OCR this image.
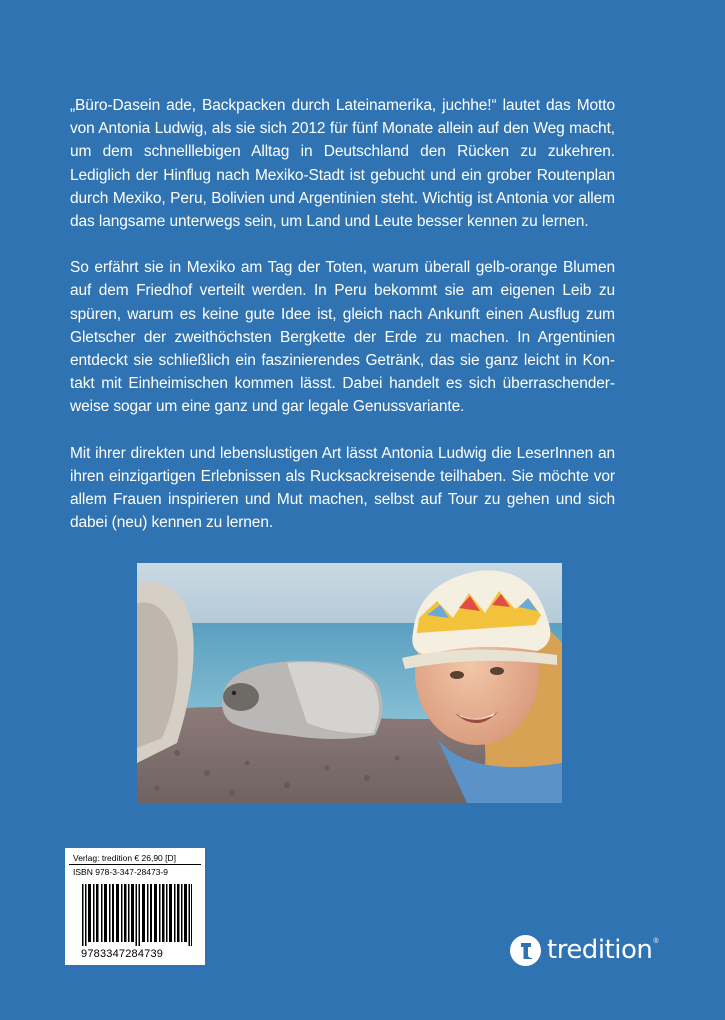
„Büro-Dasein ade, Backpacken durch Lateinamerika, juchhe!“ lautet das Motto von Antonia Ludwig, als sie sich 2012 für fünf Monate allein auf den Weg macht, um dem schnelllebigen Alltag in Deutschland den Rücken zu zukehren. Lediglich der Hinflug nach Mexiko-Stadt ist gebucht und ein grober Routenplan durch Mexiko, Peru, Bolivien und Argentinien steht. Wichtig ist Antonia vor allem das langsame unterwegs sein, um Land und Leute besser kennen zu lernen.

So erfährt sie in Mexiko am Tag der Toten, warum überall gelb-orange Blumen auf dem Friedhof verteilt werden. In Peru bekommt sie am eigenen Leib zu spüren, warum es keine gute Idee ist, gleich nach Ankunft einen Ausflug zum Gletscher der zweithöchsten Bergkette der Erde zu machen. In Argentinien entdeckt sie schließlich ein faszinierendes Getränk, das sie ganz leicht in Kontakt mit Einheimischen kommen lässt. Dabei handelt es sich überraschenderweise sogar um eine ganz und gar legale Genussvariante.

Mit ihrer direkten und lebenslustigen Art lässt Antonia Ludwig die LeserInnen an ihren einzigartigen Erlebnissen als Rucksackreisende teilhaben. Sie möchte vor allem Frauen inspirieren und Mut machen, selbst auf Tour zu gehen und sich dabei (neu) kennen zu lernen.

Verlag: tredition € 26,90 [D]
ISBN 978-3-347-28473-9
9783347284739	tredition ®
